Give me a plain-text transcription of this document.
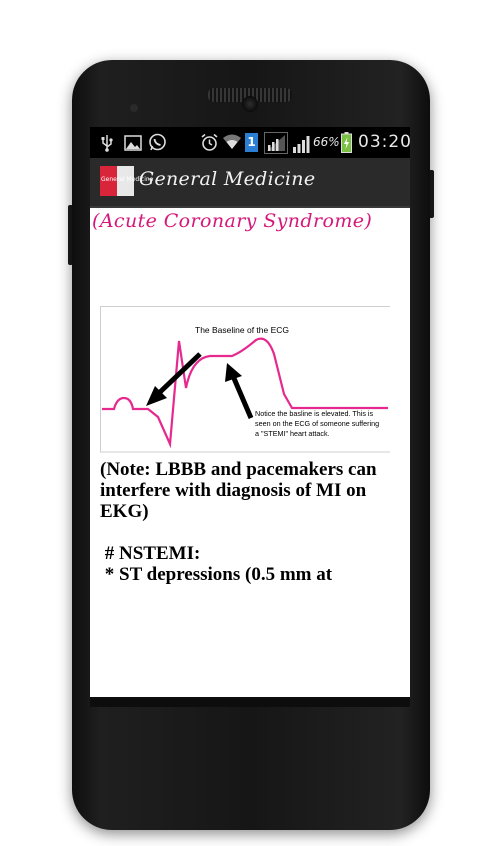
1	66% 03:20
General Medicine
General Medicine
(Acute Coronary Syndrome)
The Baseline of the ECG
Notice the basline is elevated. This is
seen on the ECG of someone suffering
a "STEMI" heart attack.
(Note: LBBB and pacemakers can
interfere with diagnosis of MI on
EKG)
# NSTEMI:
* ST depressions (0.5 mm at
